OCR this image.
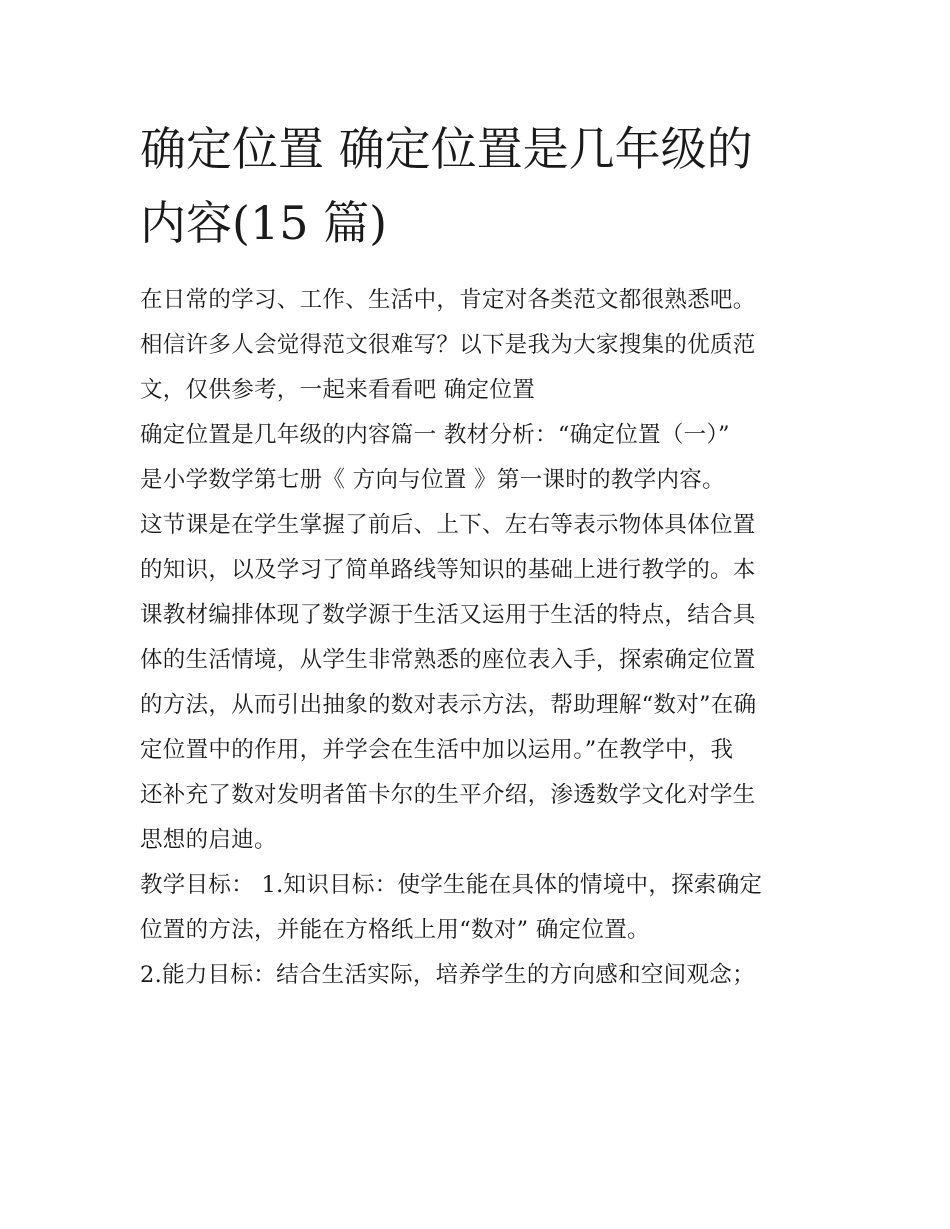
确定位置 确定位置是几年级的
内容(15 篇)

在日常的学习、工作、生活中，肯定对各类范文都很熟悉吧。
相信许多人会觉得范文很难写？以下是我为大家搜集的优质范
文，仅供参考，一起来看看吧 确定位置

确定位置是几年级的内容篇一 教材分析：“确定位置（一）”
是小学数学第七册《 方向与位置 》第一课时的教学内容。

这节课是在学生掌握了前后、上下、左右等表示物体具体位置
的知识，以及学习了简单路线等知识的基础上进行教学的。本
课教材编排体现了数学源于生活又运用于生活的特点，结合具
体的生活情境，从学生非常熟悉的座位表入手，探索确定位置
的方法，从而引出抽象的数对表示方法，帮助理解“数对”在确
定位置中的作用，并学会在生活中加以运用。”在教学中，我
还补充了数对发明者笛卡尔的生平介绍，渗透数学文化对学生
思想的启迪。

教学目标： 1.知识目标：使学生能在具体的情境中，探索确定
位置的方法，并能在方格纸上用“数对” 确定位置。

2.能力目标：结合生活实际，培养学生的方向感和空间观念；
